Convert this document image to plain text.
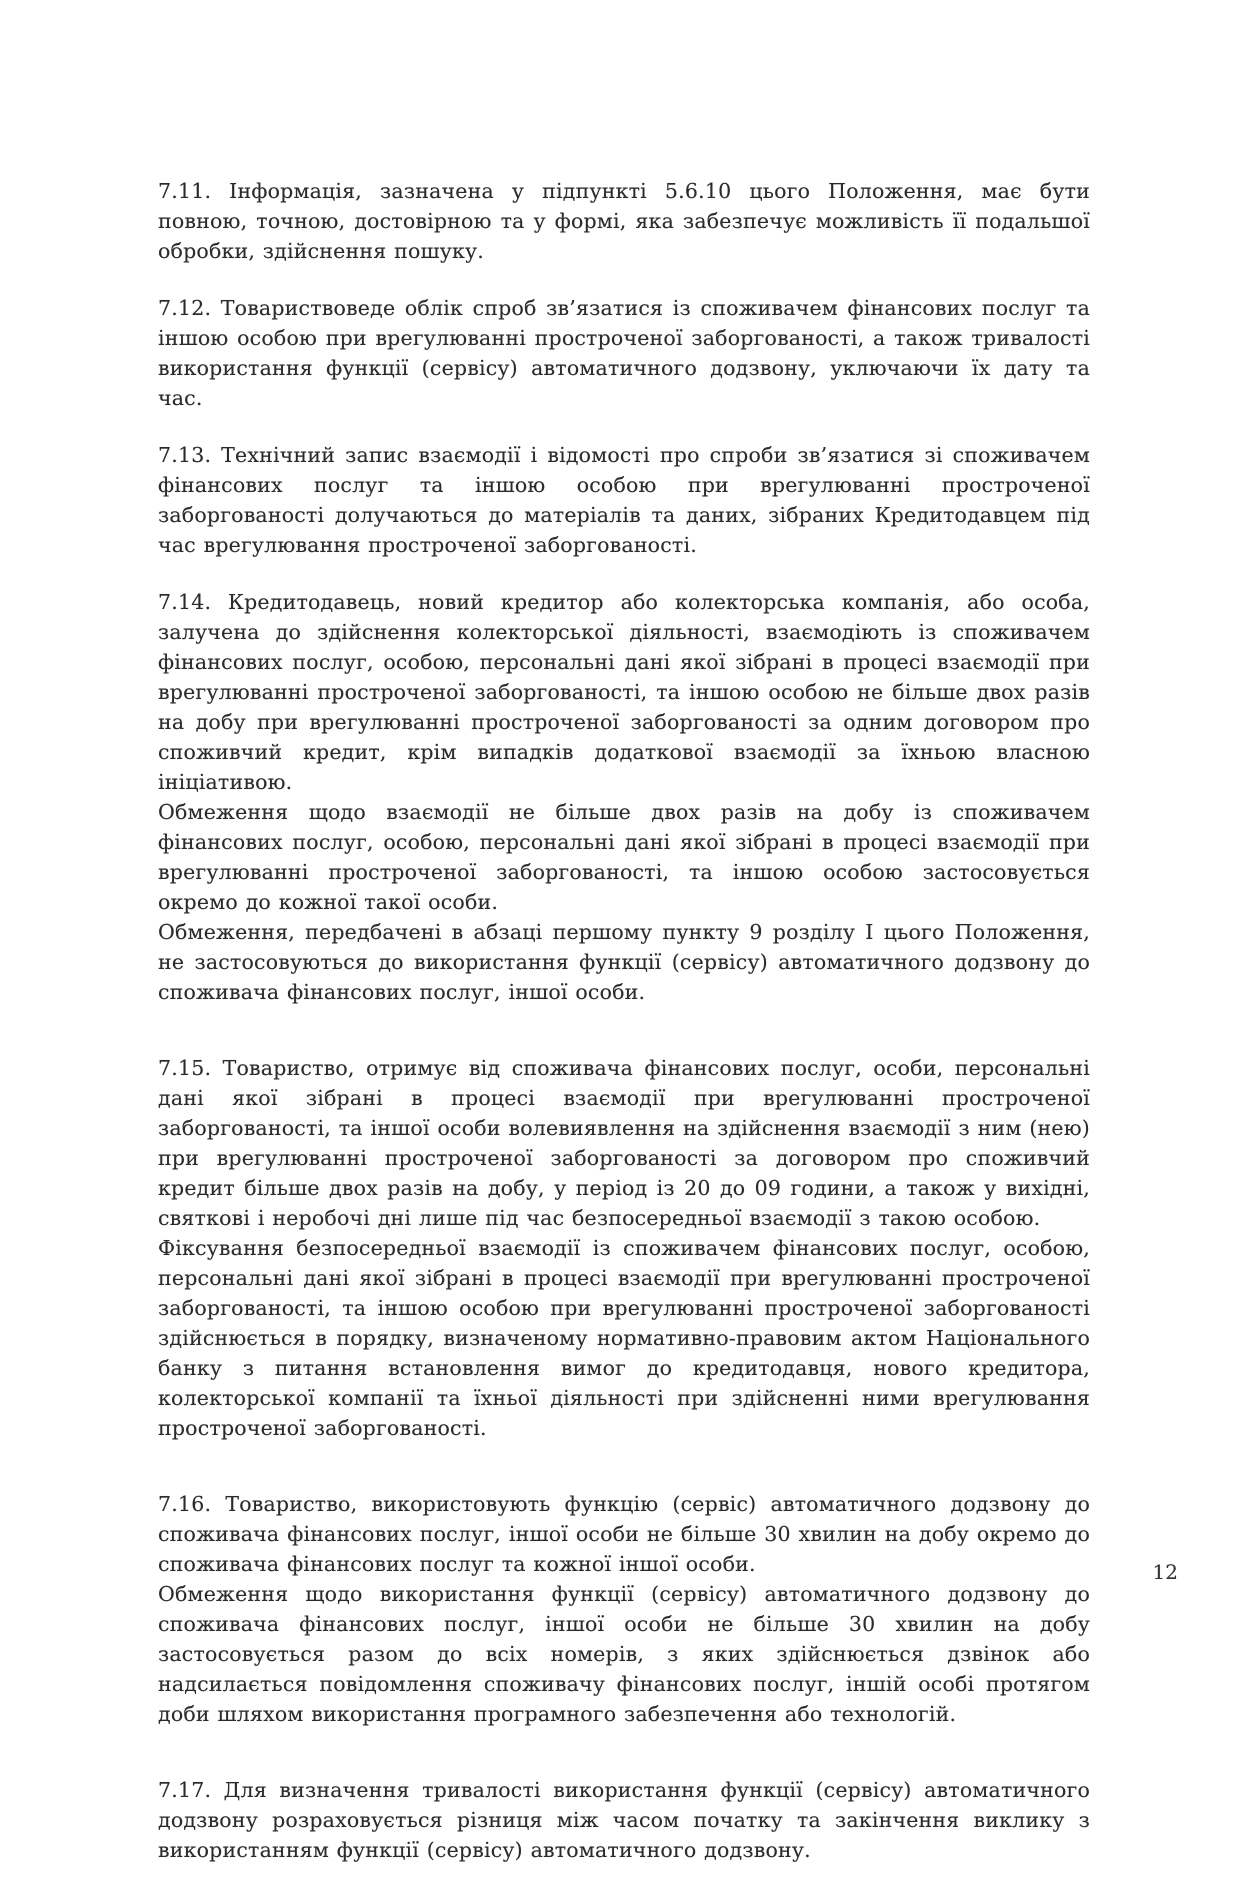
7.11. Інформація, зазначена у підпункті 5.6.10 цього Положення, має бути повною, точною, достовірною та у формі, яка забезпечує можливість її подальшої обробки, здійснення пошуку.

7.12. Товариствоведе облік спроб зв’язатися із споживачем фінансових послуг та іншою особою при врегулюванні простроченої заборгованості, а також тривалості використання функції (сервісу) автоматичного додзвону, уключаючи їх дату та час.

7.13. Технічний запис взаємодії і відомості про спроби зв’язатися зі споживачем фінансових послуг та іншою особою при врегулюванні простроченої заборгованості долучаються до матеріалів та даних, зібраних Кредитодавцем під час врегулювання простроченої заборгованості.

7.14. Кредитодавець, новий кредитор або колекторська компанія, або особа, залучена до здійснення колекторської діяльності, взаємодіють із споживачем фінансових послуг, особою, персональні дані якої зібрані в процесі взаємодії при врегулюванні простроченої заборгованості, та іншою особою не більше двох разів на добу при врегулюванні простроченої заборгованості за одним договором про споживчий кредит, крім випадків додаткової взаємодії за їхньою власною ініціативою.

Обмеження щодо взаємодії не більше двох разів на добу із споживачем фінансових послуг, особою, персональні дані якої зібрані в процесі взаємодії при врегулюванні простроченої заборгованості, та іншою особою застосовується окремо до кожної такої особи.

Обмеження, передбачені в абзаці першому пункту 9 розділу І цього Положення, не застосовуються до використання функції (сервісу) автоматичного додзвону до споживача фінансових послуг, іншої особи.

7.15. Товариство, отримує від споживача фінансових послуг, особи, персональні дані якої зібрані в процесі взаємодії при врегулюванні простроченої заборгованості, та іншої особи волевиявлення на здійснення взаємодії з ним (нею) при врегулюванні простроченої заборгованості за договором про споживчий кредит більше двох разів на добу, у період із 20 до 09 години, а також у вихідні, святкові і неробочі дні лише під час безпосередньої взаємодії з такою особою.

Фіксування безпосередньої взаємодії із споживачем фінансових послуг, особою, персональні дані якої зібрані в процесі взаємодії при врегулюванні простроченої заборгованості, та іншою особою при врегулюванні простроченої заборгованості здійснюється в порядку, визначеному нормативно-правовим актом Національного банку з питання встановлення вимог до кредитодавця, нового кредитора, колекторської компанії та їхньої діяльності при здійсненні ними врегулювання простроченої заборгованості.

7.16. Товариство, використовують функцію (сервіс) автоматичного додзвону до споживача фінансових послуг, іншої особи не більше 30 хвилин на добу окремо до споживача фінансових послуг та кожної іншої особи.

Обмеження щодо використання функції (сервісу) автоматичного додзвону до споживача фінансових послуг, іншої особи не більше 30 хвилин на добу застосовується разом до всіх номерів, з яких здійснюється дзвінок або надсилається повідомлення споживачу фінансових послуг, іншій особі протягом доби шляхом використання програмного забезпечення або технологій.

7.17. Для визначення тривалості використання функції (сервісу) автоматичного додзвону розраховується різниця між часом початку та закінчення виклику з використанням функції (сервісу) автоматичного додзвону.

12
